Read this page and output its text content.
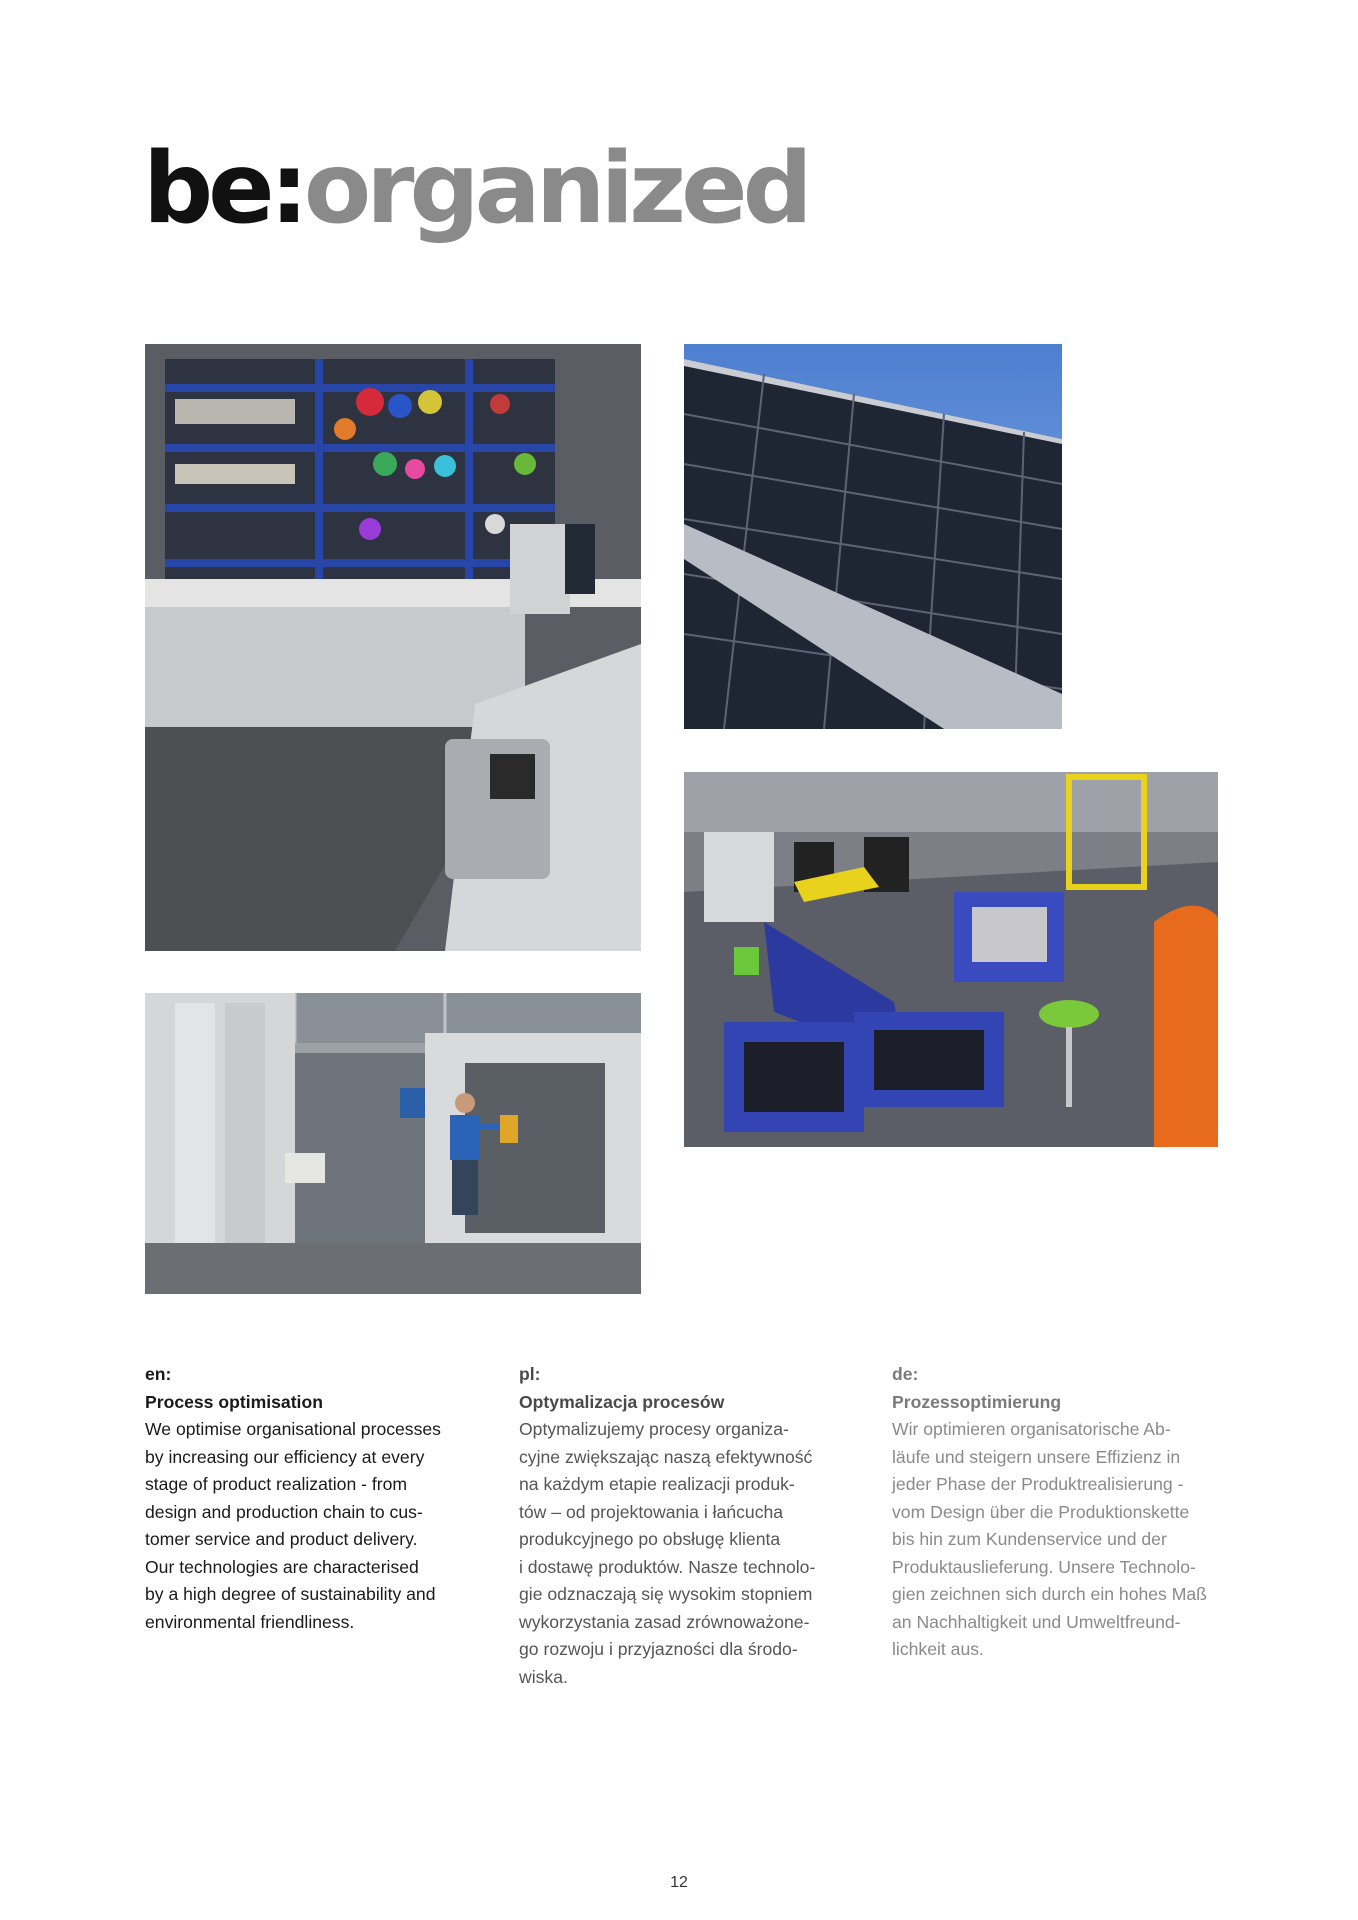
be:organized
en:
Process optimisation

We optimise organisational processes
by increasing our efficiency at every
stage of product realization - from
design and production chain to cus-
tomer service and product delivery.
Our technologies are characterised
by a high degree of sustainability and
environmental friendliness.

pl:
Optymalizacja procesów

Optymalizujemy procesy organiza-
cyjne zwiększając naszą efektywność
na każdym etapie realizacji produk-
tów – od projektowania i łańcucha
produkcyjnego po obsługę klienta
i dostawę produktów. Nasze technolo-
gie odznaczają się wysokim stopniem
wykorzystania zasad zrównoważone-
go rozwoju i przyjazności dla środo-
wiska.

de:
Prozessoptimierung

Wir optimieren organisatorische Ab-
läufe und steigern unsere Effizienz in
jeder Phase der Produktrealisierung -
vom Design über die Produktionskette
bis hin zum Kundenservice und der
Produktauslieferung. Unsere Technolo-
gien zeichnen sich durch ein hohes Maß
an Nachhaltigkeit und Umweltfreund-
lichkeit aus.

12
